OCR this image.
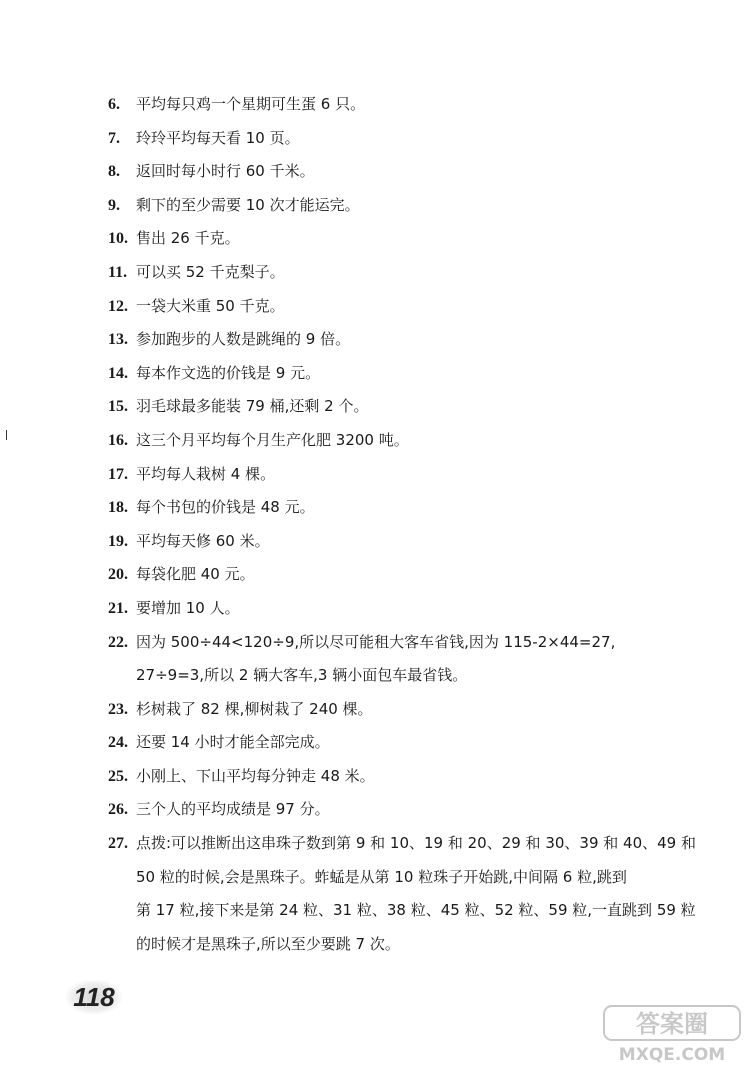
6.	平均每只鸡一个星期可生蛋 6 只。
7.	玲玲平均每天看 10 页。
8.	返回时每小时行 60 千米。
9.	剩下的至少需要 10 次才能运完。
10. 售出 26 千克。
11. 可以买 52 千克梨子。
12. 一袋大米重 50 千克。
13. 参加跑步的人数是跳绳的 9 倍。
14. 每本作文选的价钱是 9 元。
15. 羽毛球最多能装 79 桶,还剩 2 个。
16. 这三个月平均每个月生产化肥 3200 吨。
17. 平均每人栽树 4 棵。
18. 每个书包的价钱是 48 元。
19. 平均每天修 60 米。
20. 每袋化肥 40 元。
21. 要增加 10 人。
22. 因为 500÷44<120÷9,所以尽可能租大客车省钱,因为 115-2×44=27,
27÷9=3,所以 2 辆大客车,3 辆小面包车最省钱。
23. 杉树栽了 82 棵,柳树栽了 240 棵。
24. 还要 14 小时才能全部完成。
25. 小刚上、下山平均每分钟走 48 米。
26. 三个人的平均成绩是 97 分。
27. 点拨:可以推断出这串珠子数到第 9 和 10、19 和 20、29 和 30、39 和 40、49 和
50 粒的时候,会是黑珠子。蚱蜢是从第 10 粒珠子开始跳,中间隔 6 粒,跳到
第 17 粒,接下来是第 24 粒、31 粒、38 粒、45 粒、52 粒、59 粒,一直跳到 59 粒
的时候才是黑珠子,所以至少要跳 7 次。
118
答案圈
MXQE.COM
